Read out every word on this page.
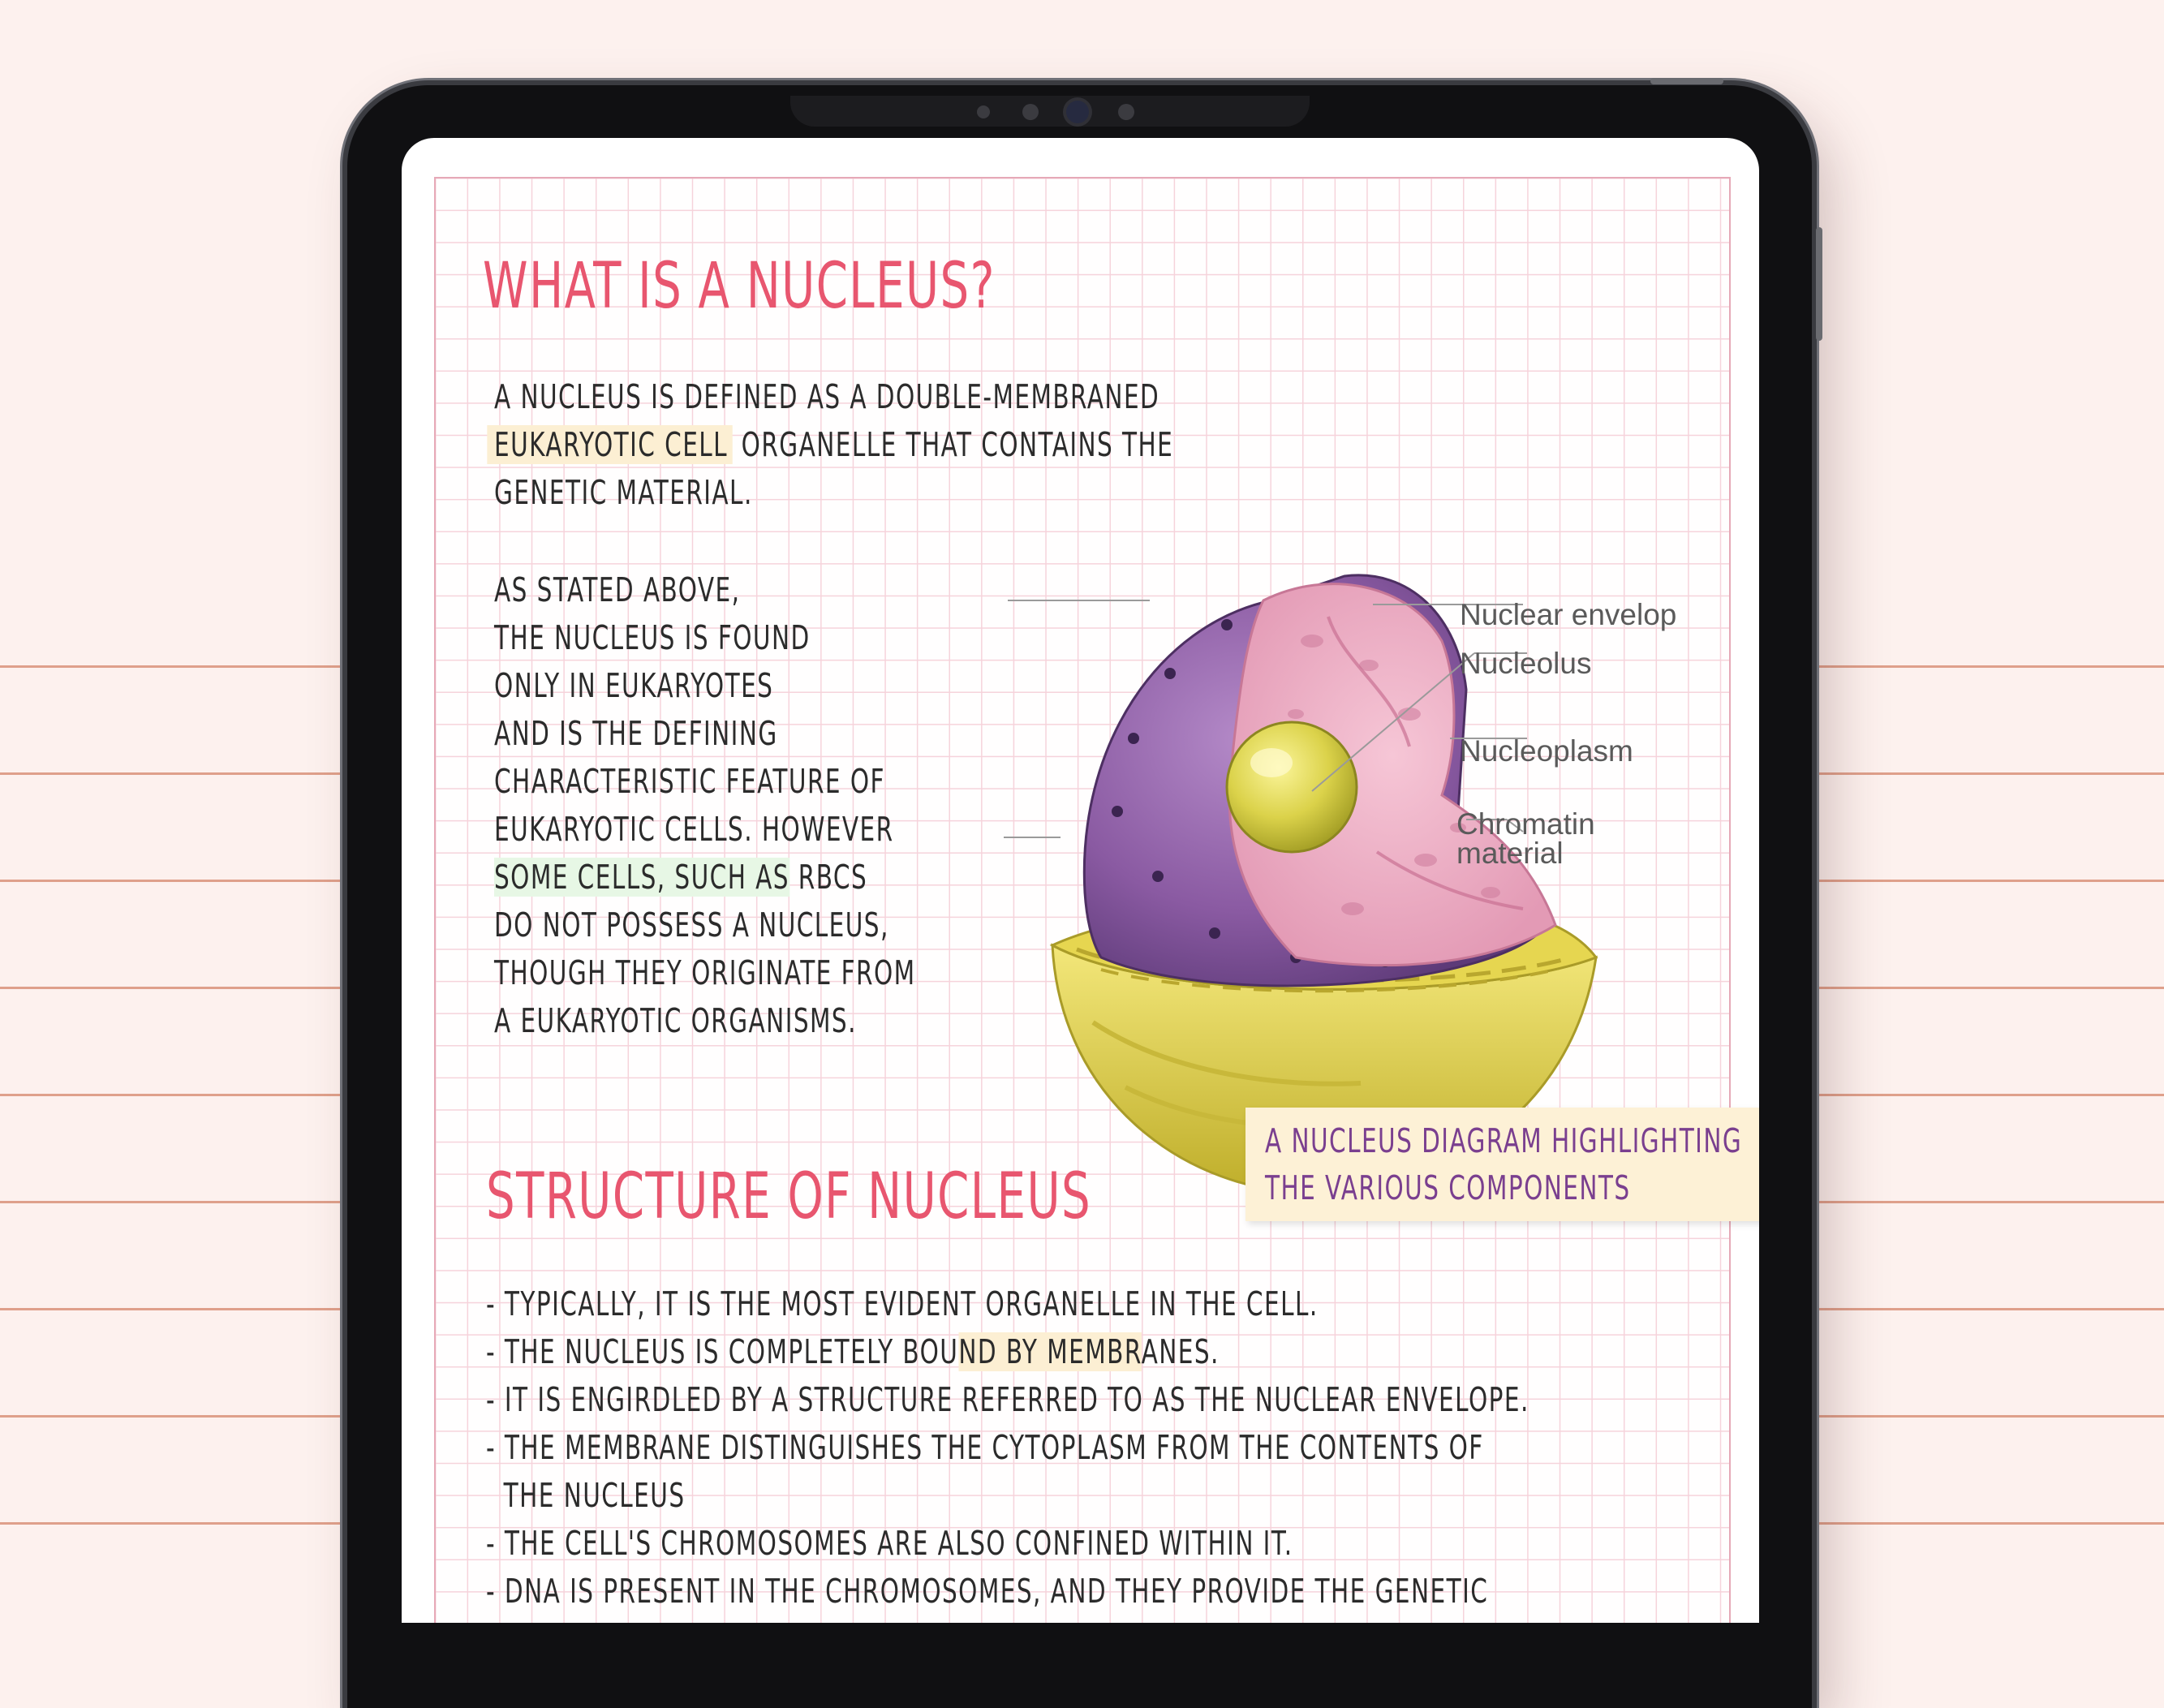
WHAT IS A NUCLEUS?
A NUCLEUS IS DEFINED AS A DOUBLE-MEMBRANED
EUKARYOTIC CELL ORGANELLE THAT CONTAINS THE
GENETIC MATERIAL.
AS STATED ABOVE,
THE NUCLEUS IS FOUND
ONLY IN EUKARYOTES
AND IS THE DEFINING
CHARACTERISTIC FEATURE OF
EUKARYOTIC CELLS. HOWEVER
SOME CELLS, SUCH AS RBCS
DO NOT POSSESS A NUCLEUS,
THOUGH THEY ORIGINATE FROM
A EUKARYOTIC ORGANISMS.
Nuclear envelop
Nucleolus
Nucleoplasm
Chromatin
material
A NUCLEUS DIAGRAM HIGHLIGHTING
THE VARIOUS COMPONENTS
STRUCTURE OF NUCLEUS
- TYPICALLY, IT IS THE MOST EVIDENT ORGANELLE IN THE CELL.
- THE NUCLEUS IS COMPLETELY BOUND BY MEMBRANES.
- IT IS ENGIRDLED BY A STRUCTURE REFERRED TO AS THE NUCLEAR ENVELOPE.
- THE MEMBRANE DISTINGUISHES THE CYTOPLASM FROM THE CONTENTS OF
THE NUCLEUS
- THE CELL'S CHROMOSOMES ARE ALSO CONFINED WITHIN IT.
- DNA IS PRESENT IN THE CHROMOSOMES, AND THEY PROVIDE THE GENETIC
